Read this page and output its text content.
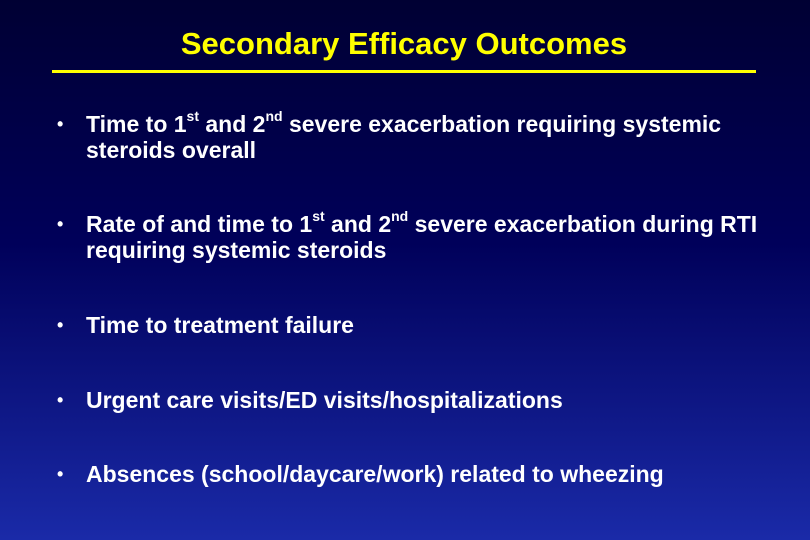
Secondary Efficacy Outcomes
• Time to 1st and 2nd severe exacerbation requiring systemic steroids overall
• Rate of and time to 1st and 2nd severe exacerbation during RTI requiring systemic steroids
• Time to treatment failure
• Urgent care visits/ED visits/hospitalizations
• Absences (school/daycare/work) related to wheezing
